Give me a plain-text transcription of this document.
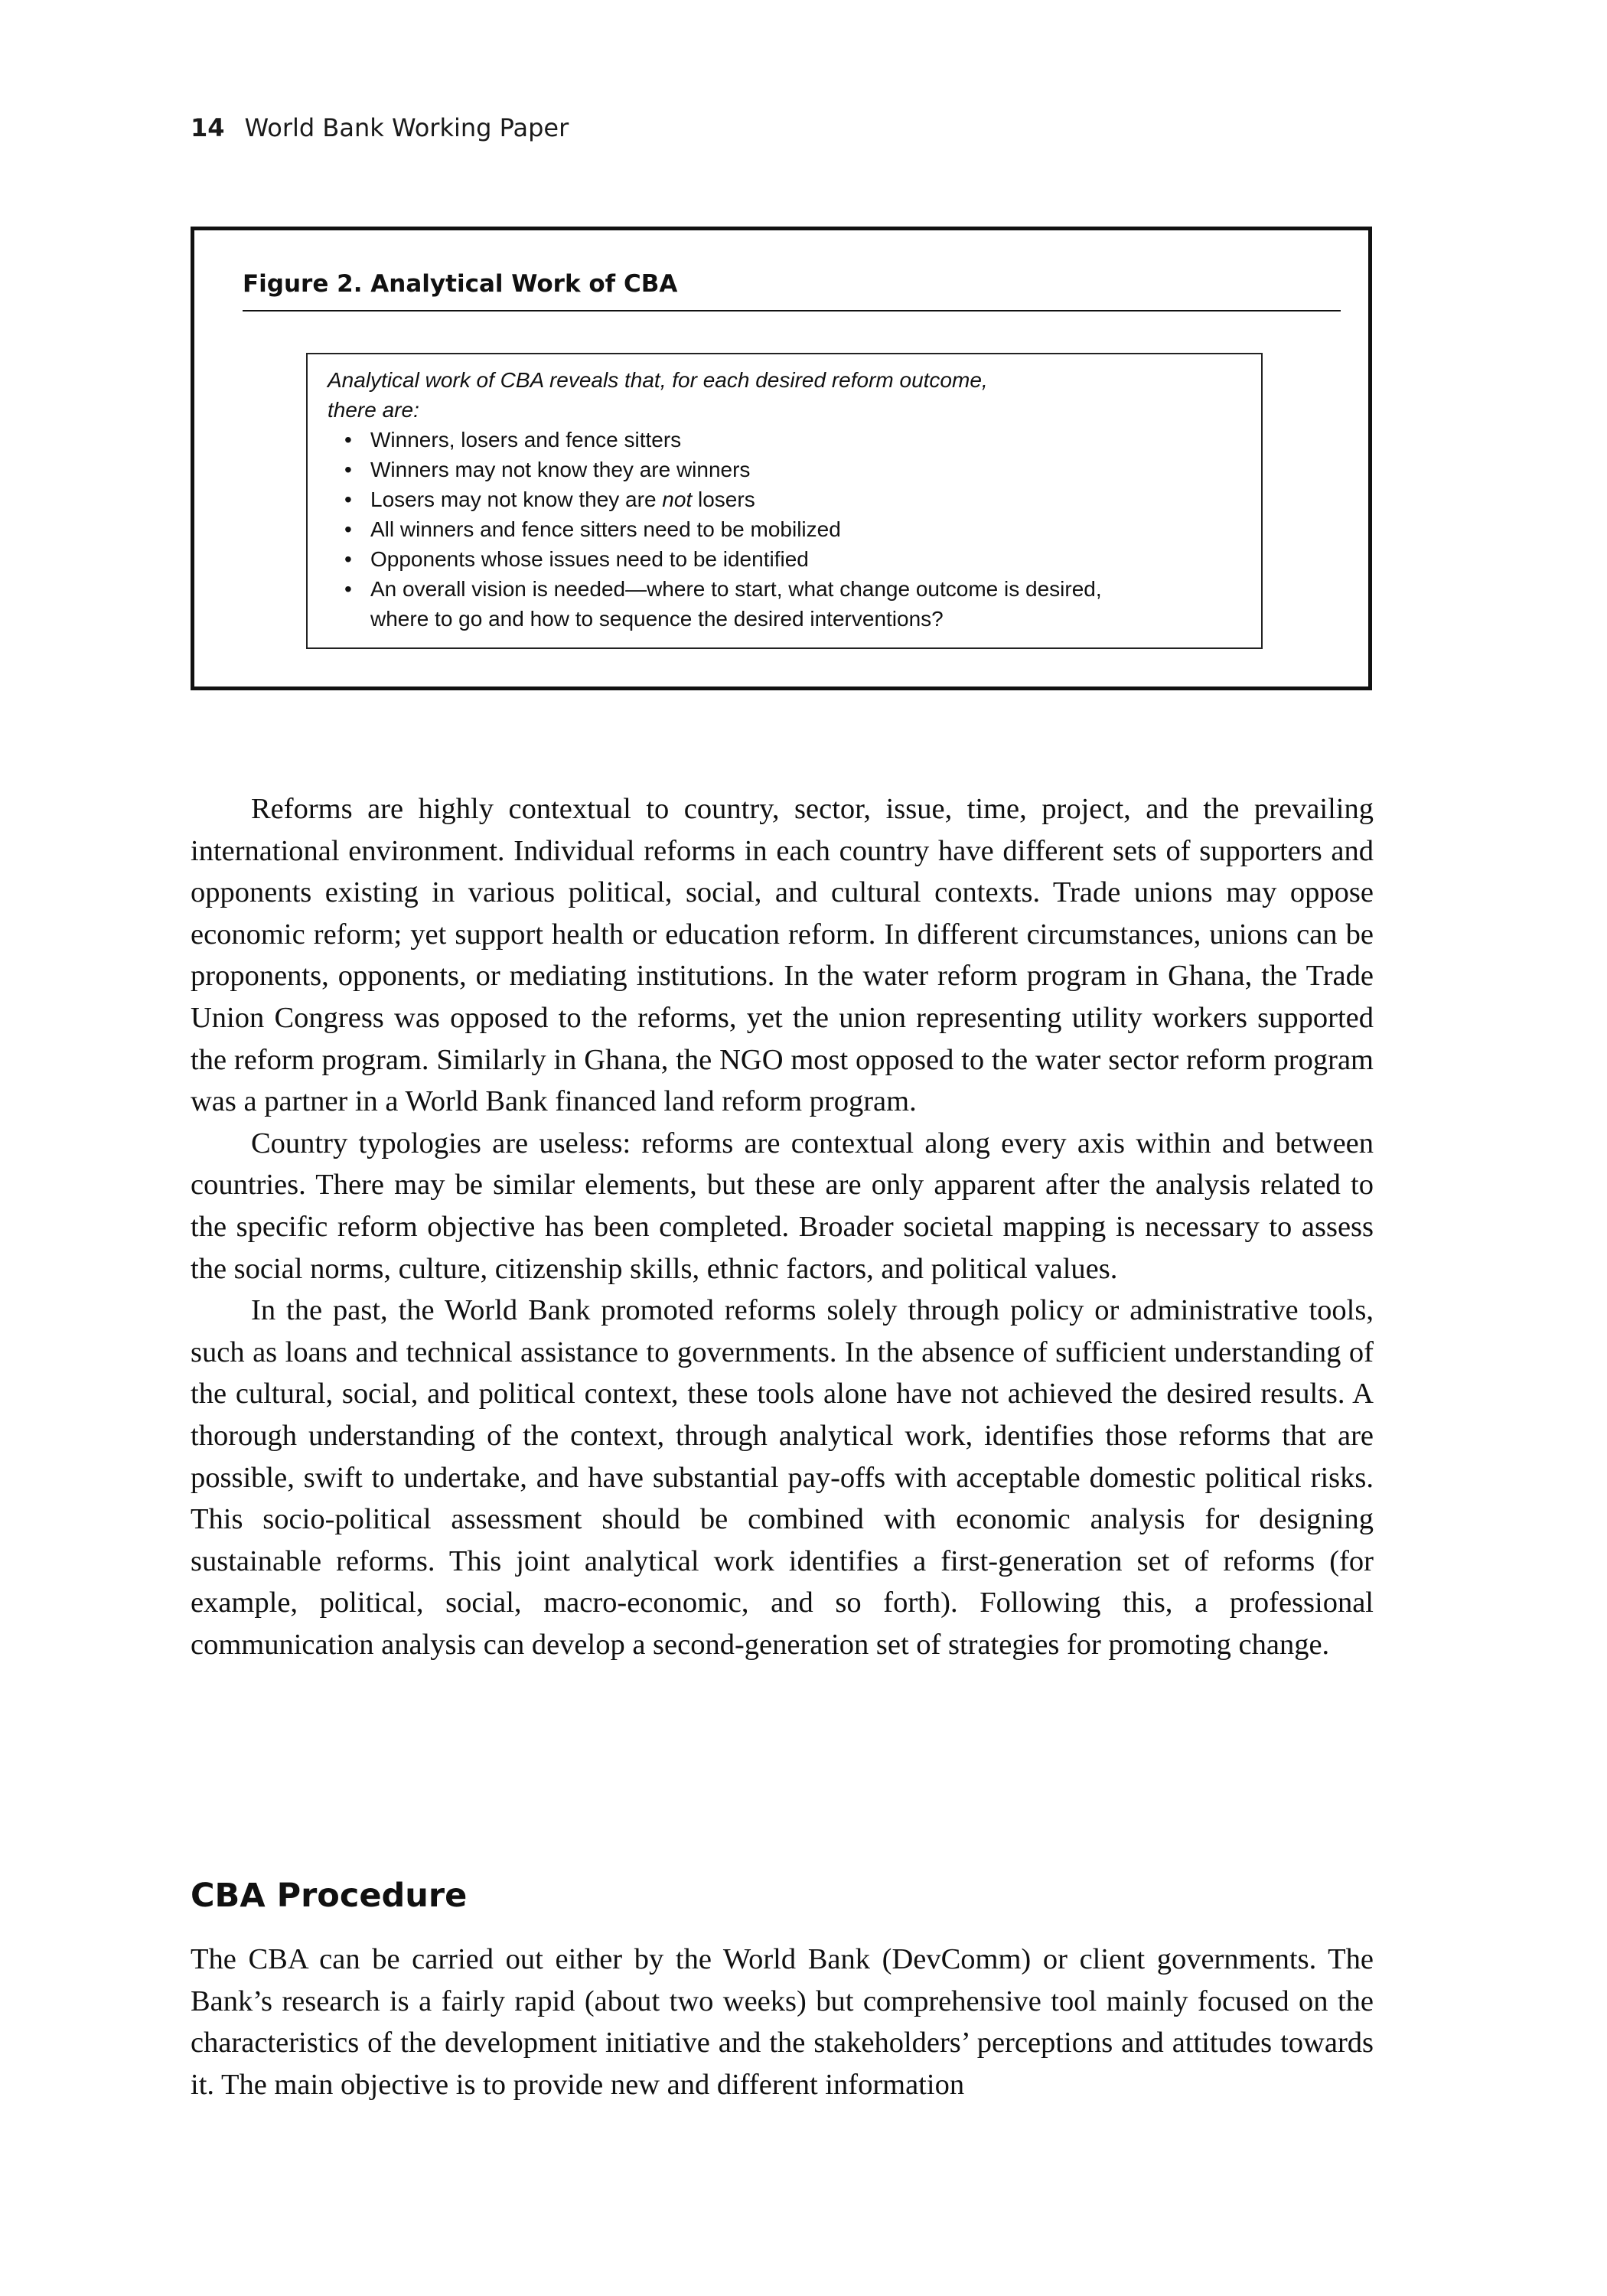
14 World Bank Working Paper
Figure 2. Analytical Work of CBA

Analytical work of CBA reveals that, for each desired reform outcome,
there are:

• Winners, losers and fence sitters
• Winners may not know they are winners
• Losers may not know they are not losers
• All winners and fence sitters need to be mobilized
• Opponents whose issues need to be identified
• An overall vision is needed—where to start, what change outcome is desired,
where to go and how to sequence the desired interventions?

Reforms are highly contextual to country, sector, issue, time, project, and the prevailing international environment. Individual reforms in each country have different sets of supporters and opponents existing in various political, social, and cultural contexts. Trade unions may oppose economic reform; yet support health or education reform. In different circumstances, unions can be proponents, opponents, or mediating institutions. In the water reform program in Ghana, the Trade Union Congress was opposed to the reforms, yet the union representing utility workers supported the reform program. Similarly in Ghana, the NGO most opposed to the water sector reform program was a partner in a World Bank financed land reform program.

Country typologies are useless: reforms are contextual along every axis within and between countries. There may be similar elements, but these are only apparent after the analysis related to the specific reform objective has been completed. Broader societal mapping is necessary to assess the social norms, culture, citizenship skills, ethnic factors, and political values.

In the past, the World Bank promoted reforms solely through policy or administrative tools, such as loans and technical assistance to governments. In the absence of sufficient understanding of the cultural, social, and political context, these tools alone have not achieved the desired results. A thorough understanding of the context, through analytical work, identifies those reforms that are possible, swift to undertake, and have substantial pay-offs with acceptable domestic political risks. This socio-political assessment should be combined with economic analysis for designing sustainable reforms. This joint analytical work identifies a first-generation set of reforms (for example, political, social, macro-economic, and so forth). Following this, a professional communication analysis can develop a second-generation set of strategies for promoting change.

CBA Procedure

The CBA can be carried out either by the World Bank (DevComm) or client governments. The Bank’s research is a fairly rapid (about two weeks) but comprehensive tool mainly focused on the characteristics of the development initiative and the stakeholders’ perceptions and attitudes towards it. The main objective is to provide new and different information
